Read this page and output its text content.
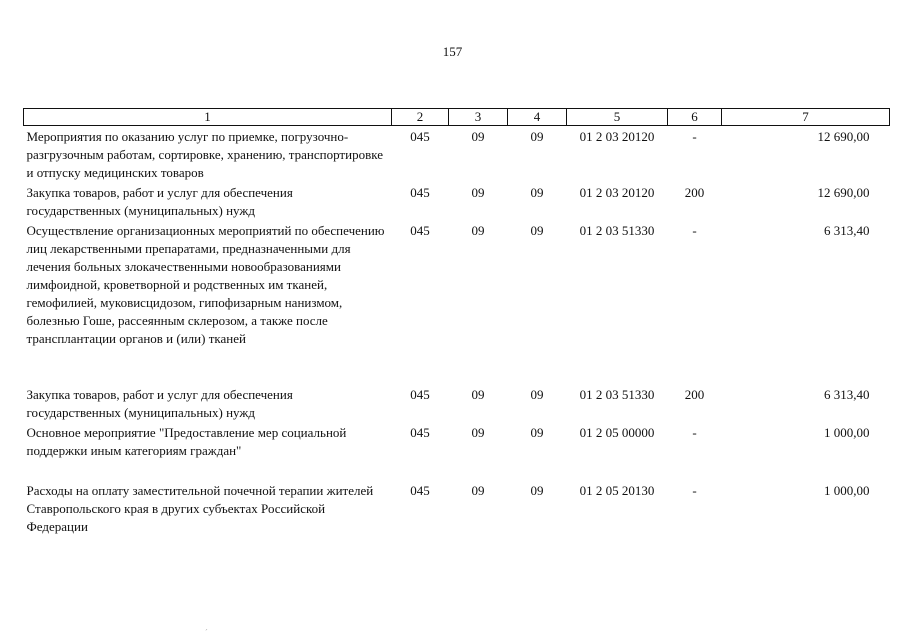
157
1	2	3	4	5	6	7
Мероприятия по оказанию услуг по приемке, погрузочно-разгрузочным работам, сортировке, хранению, транспортировке и отпуску медицинских товаров	045	09	09	01 2 03 20120	-	12 690,00
Закупка товаров, работ и услуг для обеспечения государственных (муниципальных) нужд	045	09	09	01 2 03 20120	200	12 690,00
Осуществление организационных мероприятий по обеспечению лиц лекарственными препаратами, предназначенными для лечения больных злокачественными новообразованиями лимфоидной, кроветворной и родственных им тканей, гемофилией, муковисцидозом, гипофизарным нанизмом, болезнью Гоше, рассеянным склерозом, а также после трансплантации органов и (или) тканей	045	09	09	01 2 03 51330	-	6 313,40
Закупка товаров, работ и услуг для обеспечения государственных (муниципальных) нужд	045	09	09	01 2 03 51330	200	6 313,40
Основное мероприятие "Предоставление мер социальной поддержки иным категориям граждан"	045	09	09	01 2 05 00000	-	1 000,00
Расходы на оплату заместительной почечной терапии жителей Ставропольского края в других субъектах Российской Федерации	045	09	09	01 2 05 20130	-	1 000,00
´
